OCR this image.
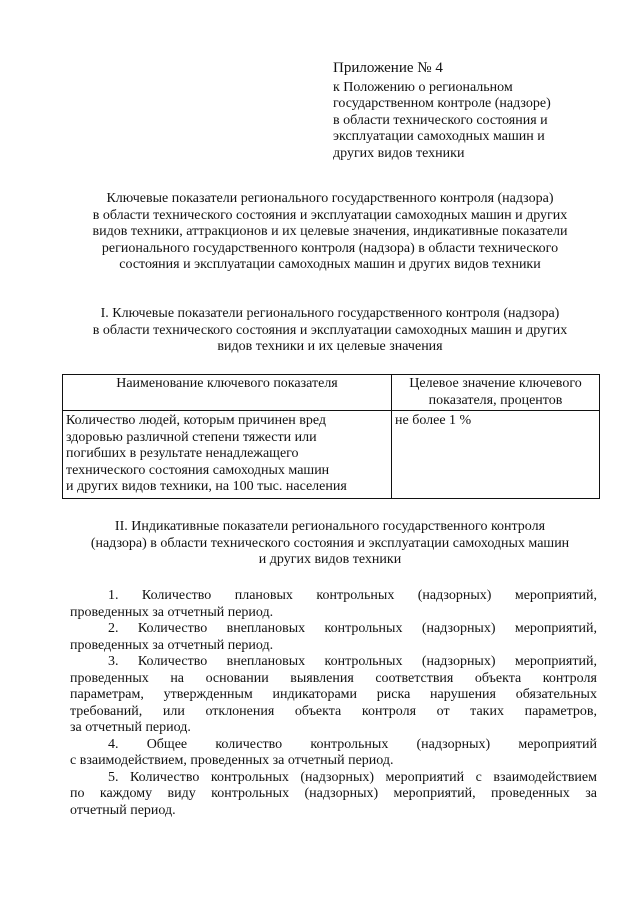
Приложение № 4
к Положению о региональном
государственном контроле (надзоре)
в области технического состояния и
эксплуатации самоходных машин и
других видов техники
Ключевые показатели регионального государственного контроля (надзора)
в области технического состояния и эксплуатации самоходных машин и других
видов техники, аттракционов и их целевые значения, индикативные показатели
регионального государственного контроля (надзора) в области технического
состояния и эксплуатации самоходных машин и других видов техники
I. Ключевые показатели регионального государственного контроля (надзора)
в области технического состояния и эксплуатации самоходных машин и других
видов техники и их целевые значения
Наименование ключевого показателя	Целевое значение ключевого показателя, процентов

Количество людей, которым причинен вред
здоровью различной степени тяжести или
погибших в результате ненадлежащего
технического состояния самоходных машин
и других видов техники, на 100 тыс. населения	не более 1 %
II. Индикативные показатели регионального государственного контроля
(надзора) в области технического состояния и эксплуатации самоходных машин
и других видов техники
1. Количество плановых контрольных (надзорных) мероприятий,
проведенных за отчетный период.
2. Количество внеплановых контрольных (надзорных) мероприятий,
проведенных за отчетный период.
3. Количество внеплановых контрольных (надзорных) мероприятий,
проведенных на основании выявления соответствия объекта контроля
параметрам, утвержденным индикаторами риска нарушения обязательных
требований, или отклонения объекта контроля от таких параметров,
за отчетный период.
4. Общее количество контрольных (надзорных) мероприятий
с взаимодействием, проведенных за отчетный период.
5. Количество контрольных (надзорных) мероприятий с взаимодействием
по каждому виду контрольных (надзорных) мероприятий, проведенных за
отчетный период.
